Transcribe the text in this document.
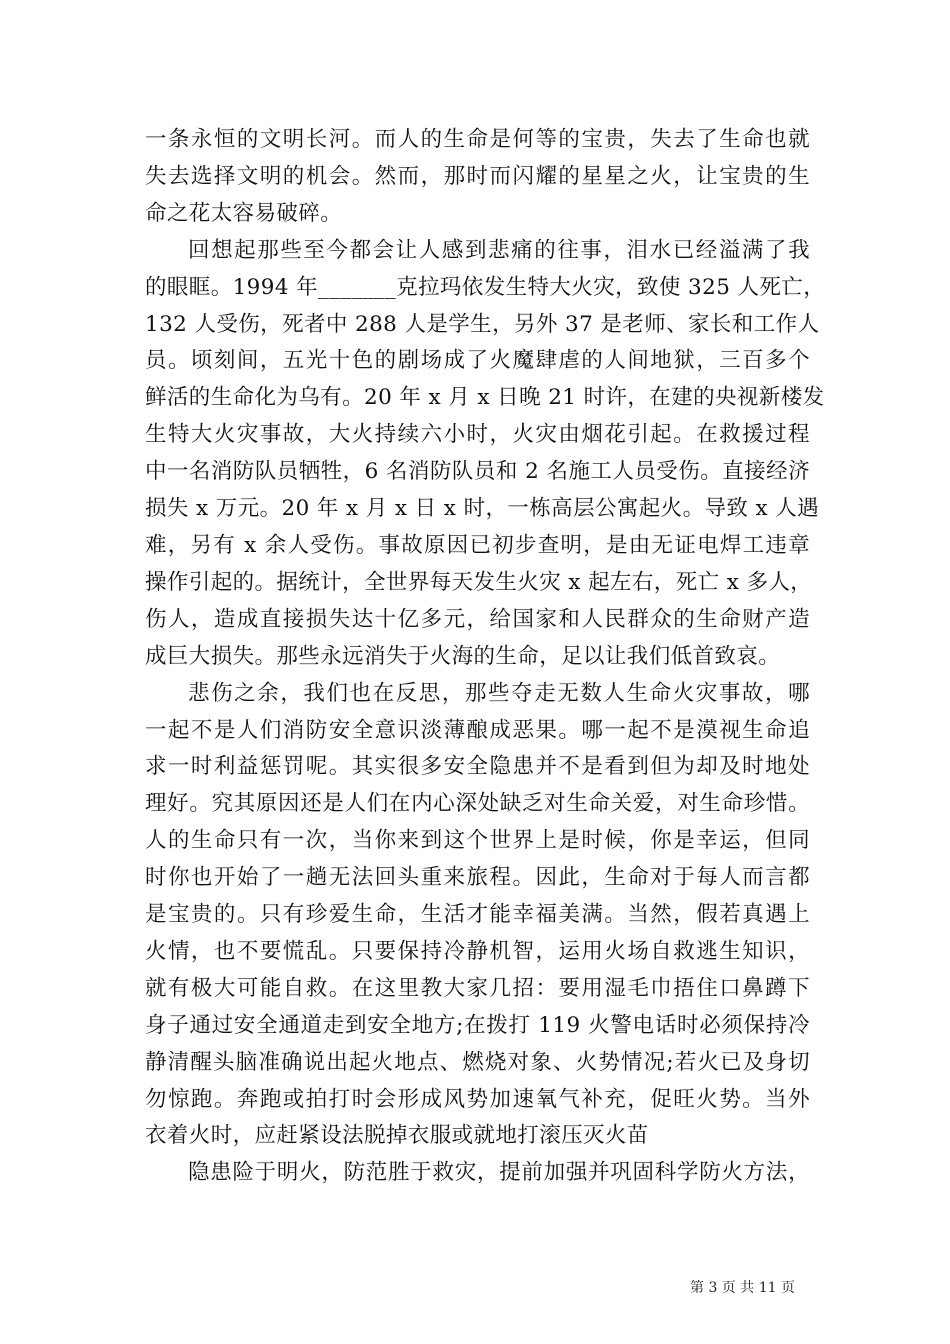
一条永恒的文明长河。而人的生命是何等的宝贵，失去了生命也就
失去选择文明的机会。然而，那时而闪耀的星星之火，让宝贵的生
命之花太容易破碎。
回想起那些至今都会让人感到悲痛的往事，泪水已经溢满了我
的眼眶。1994 年_______克拉玛依发生特大火灾，致使 325 人死亡，
132 人受伤，死者中 288 人是学生，另外 37 是老师、家长和工作人
员。顷刻间，五光十色的剧场成了火魔肆虐的人间地狱，三百多个
鲜活的生命化为乌有。20 年 x 月 x 日晚 21 时许，在建的央视新楼发
生特大火灾事故，大火持续六小时，火灾由烟花引起。在救援过程
中一名消防队员牺牲，6 名消防队员和 2 名施工人员受伤。直接经济
损失 x 万元。20 年 x 月 x 日 x 时，一栋高层公寓起火。导致 x 人遇
难，另有 x 余人受伤。事故原因已初步查明，是由无证电焊工违章
操作引起的。据统计，全世界每天发生火灾 x 起左右，死亡 x 多人，
伤人，造成直接损失达十亿多元，给国家和人民群众的生命财产造
成巨大损失。那些永远消失于火海的生命，足以让我们低首致哀。
悲伤之余，我们也在反思，那些夺走无数人生命火灾事故，哪
一起不是人们消防安全意识淡薄酿成恶果。哪一起不是漠视生命追
求一时利益惩罚呢。其实很多安全隐患并不是看到但为却及时地处
理好。究其原因还是人们在内心深处缺乏对生命关爱，对生命珍惜。
人的生命只有一次，当你来到这个世界上是时候，你是幸运，但同
时你也开始了一趟无法回头重来旅程。因此，生命对于每人而言都
是宝贵的。只有珍爱生命，生活才能幸福美满。当然，假若真遇上
火情，也不要慌乱。只要保持冷静机智，运用火场自救逃生知识，
就有极大可能自救。在这里教大家几招：要用湿毛巾捂住口鼻蹲下
身子通过安全通道走到安全地方;在拨打 119 火警电话时必须保持冷
静清醒头脑准确说出起火地点、燃烧对象、火势情况;若火已及身切
勿惊跑。奔跑或拍打时会形成风势加速氧气补充，促旺火势。当外
衣着火时，应赶紧设法脱掉衣服或就地打滚压灭火苗
隐患险于明火，防范胜于救灾，提前加强并巩固科学防火方法，
第 3 页 共 11 页
